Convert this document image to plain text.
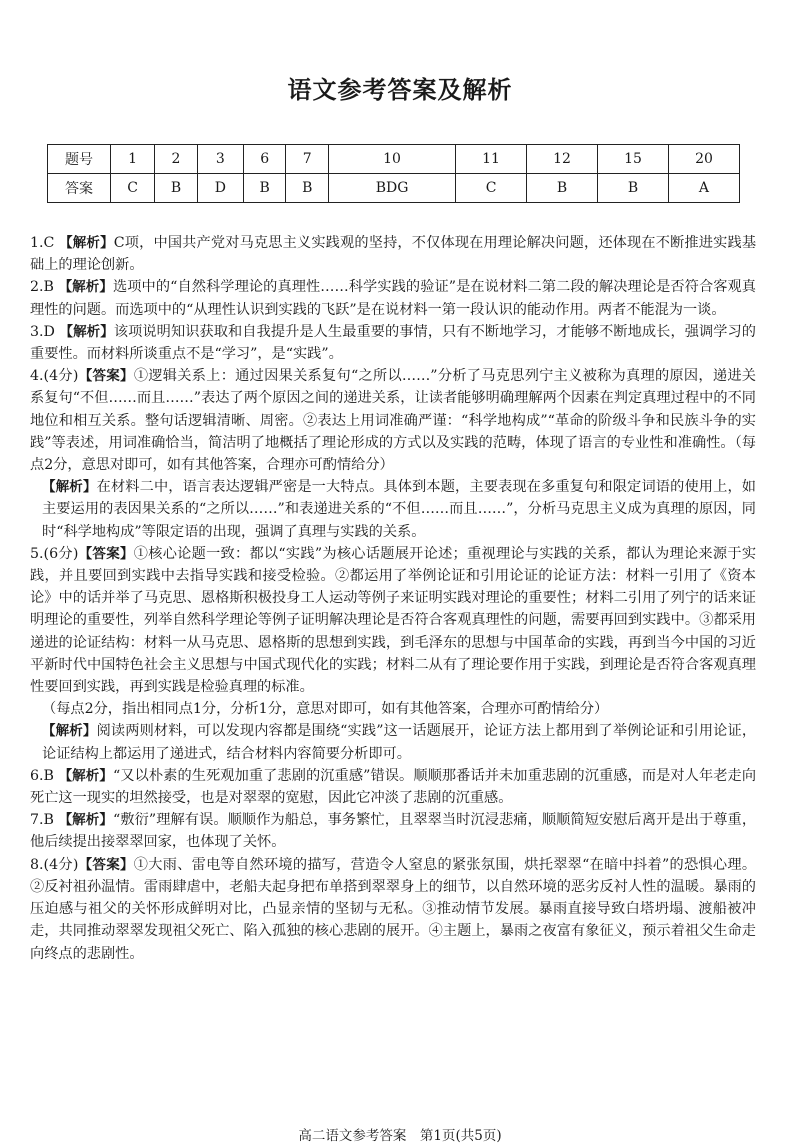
语文参考答案及解析
题号	1	2	3	6	7	10	11	12	15	20
答案	C	B	D	B	B	BDG	C	B	B	A

1.C 【解析】C项，中国共产党对马克思主义实践观的坚持，不仅体现在用理论解决问题，还体现在不断推进实践基础上的理论创新。

2.B 【解析】选项中的“自然科学理论的真理性……科学实践的验证”是在说材料二第二段的解决理论是否符合客观真理性的问题。而选项中的“从理性认识到实践的飞跃”是在说材料一第一段认识的能动作用。两者不能混为一谈。

3.D 【解析】该项说明知识获取和自我提升是人生最重要的事情，只有不断地学习，才能够不断地成长，强调学习的重要性。而材料所谈重点不是“学习”，是“实践”。

4.(4分)【答案】①逻辑关系上：通过因果关系复句“之所以……”分析了马克思列宁主义被称为真理的原因，递进关系复句“不但……而且……”表达了两个原因之间的递进关系，让读者能够明确理解两个因素在判定真理过程中的不同地位和相互关系。整句话逻辑清晰、周密。②表达上用词准确严谨：“科学地构成”“革命的阶级斗争和民族斗争的实践”等表述，用词准确恰当，简洁明了地概括了理论形成的方式以及实践的范畴，体现了语言的专业性和准确性。（每点2分，意思对即可，如有其他答案，合理亦可酌情给分）

【解析】在材料二中，语言表达逻辑严密是一大特点。具体到本题，主要表现在多重复句和限定词语的使用上，如主要运用的表因果关系的“之所以……”和表递进关系的“不但……而且……”，分析马克思主义成为真理的原因，同时“科学地构成”等限定语的出现，强调了真理与实践的关系。

5.(6分)【答案】①核心论题一致：都以“实践”为核心话题展开论述；重视理论与实践的关系，都认为理论来源于实践，并且要回到实践中去指导实践和接受检验。②都运用了举例论证和引用论证的论证方法：材料一引用了《资本论》中的话并举了马克思、恩格斯积极投身工人运动等例子来证明实践对理论的重要性；材料二引用了列宁的话来证明理论的重要性，列举自然科学理论等例子证明解决理论是否符合客观真理性的问题，需要再回到实践中。③都采用递进的论证结构：材料一从马克思、恩格斯的思想到实践，到毛泽东的思想与中国革命的实践，再到当今中国的习近平新时代中国特色社会主义思想与中国式现代化的实践；材料二从有了理论要作用于实践，到理论是否符合客观真理性要回到实践，再到实践是检验真理的标准。

（每点2分，指出相同点1分，分析1分，意思对即可，如有其他答案，合理亦可酌情给分）

【解析】阅读两则材料，可以发现内容都是围绕“实践”这一话题展开，论证方法上都用到了举例论证和引用论证，论证结构上都运用了递进式，结合材料内容简要分析即可。

6.B 【解析】“又以朴素的生死观加重了悲剧的沉重感”错误。顺顺那番话并未加重悲剧的沉重感，而是对人年老走向死亡这一现实的坦然接受，也是对翠翠的宽慰，因此它冲淡了悲剧的沉重感。

7.B 【解析】“敷衍”理解有误。顺顺作为船总，事务繁忙，且翠翠当时沉浸悲痛，顺顺简短安慰后离开是出于尊重，他后续提出接翠翠回家，也体现了关怀。

8.(4分)【答案】①大雨、雷电等自然环境的描写，营造令人窒息的紧张氛围，烘托翠翠“在暗中抖着”的恐惧心理。②反衬祖孙温情。雷雨肆虐中，老船夫起身把布单搭到翠翠身上的细节，以自然环境的恶劣反衬人性的温暖。暴雨的压迫感与祖父的关怀形成鲜明对比，凸显亲情的坚韧与无私。③推动情节发展。暴雨直接导致白塔坍塌、渡船被冲走，共同推动翠翠发现祖父死亡、陷入孤独的核心悲剧的展开。④主题上，暴雨之夜富有象征义，预示着祖父生命走向终点的悲剧性。

高二语文参考答案　第1页(共5页)
